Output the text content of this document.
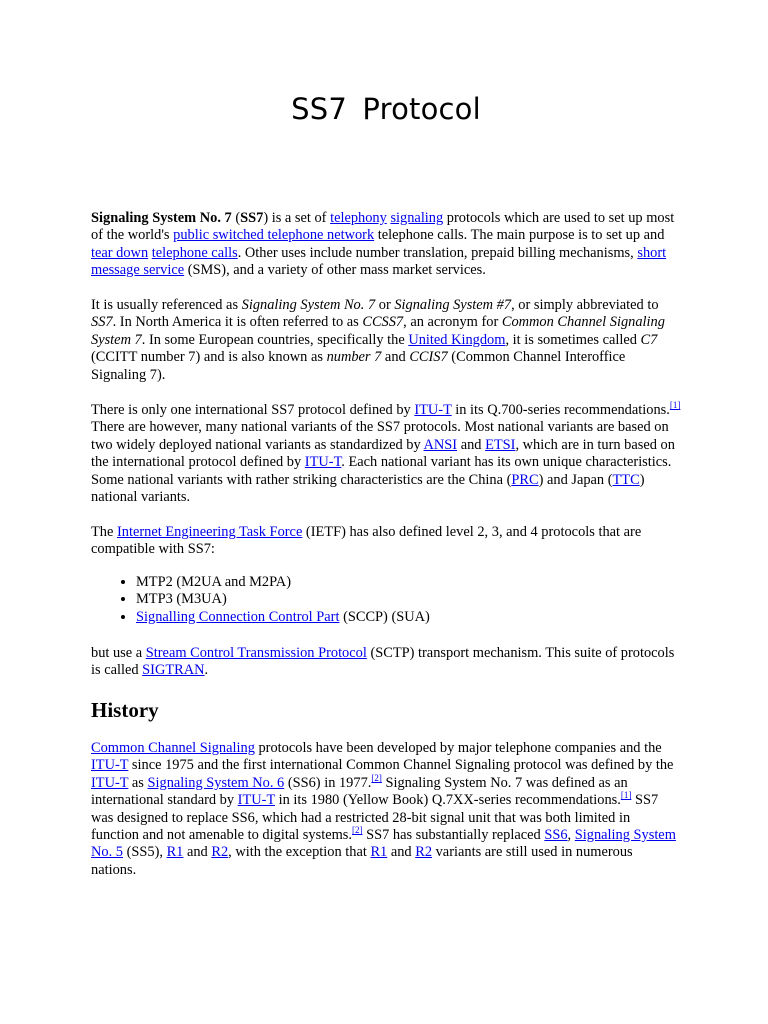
SS7 Protocol

Signaling System No. 7 (SS7) is a set of telephony signaling protocols which are used to set up most of the world's public switched telephone network telephone calls. The main purpose is to set up and tear down telephone calls. Other uses include number translation, prepaid billing mechanisms, short message service (SMS), and a variety of other mass market services.

It is usually referenced as Signaling System No. 7 or Signaling System #7, or simply abbreviated to SS7. In North America it is often referred to as CCSS7, an acronym for Common Channel Signaling System 7. In some European countries, specifically the United Kingdom, it is sometimes called C7 (CCITT number 7) and is also known as number 7 and CCIS7 (Common Channel Interoffice Signaling 7).

There is only one international SS7 protocol defined by ITU-T in its Q.700-series recommendations.[1] There are however, many national variants of the SS7 protocols. Most national variants are based on two widely deployed national variants as standardized by ANSI and ETSI, which are in turn based on the international protocol defined by ITU-T. Each national variant has its own unique characteristics. Some national variants with rather striking characteristics are the China (PRC) and Japan (TTC) national variants.

The Internet Engineering Task Force (IETF) has also defined level 2, 3, and 4 protocols that are compatible with SS7:

• MTP2 (M2UA and M2PA)
• MTP3 (M3UA)
• Signalling Connection Control Part (SCCP) (SUA)

but use a Stream Control Transmission Protocol (SCTP) transport mechanism. This suite of protocols is called SIGTRAN.

History

Common Channel Signaling protocols have been developed by major telephone companies and the ITU-T since 1975 and the first international Common Channel Signaling protocol was defined by the ITU-T as Signaling System No. 6 (SS6) in 1977.[2] Signaling System No. 7 was defined as an international standard by ITU-T in its 1980 (Yellow Book) Q.7XX-series recommendations.[1] SS7 was designed to replace SS6, which had a restricted 28-bit signal unit that was both limited in function and not amenable to digital systems.[2] SS7 has substantially replaced SS6, Signaling System No. 5 (SS5), R1 and R2, with the exception that R1 and R2 variants are still used in numerous nations.
